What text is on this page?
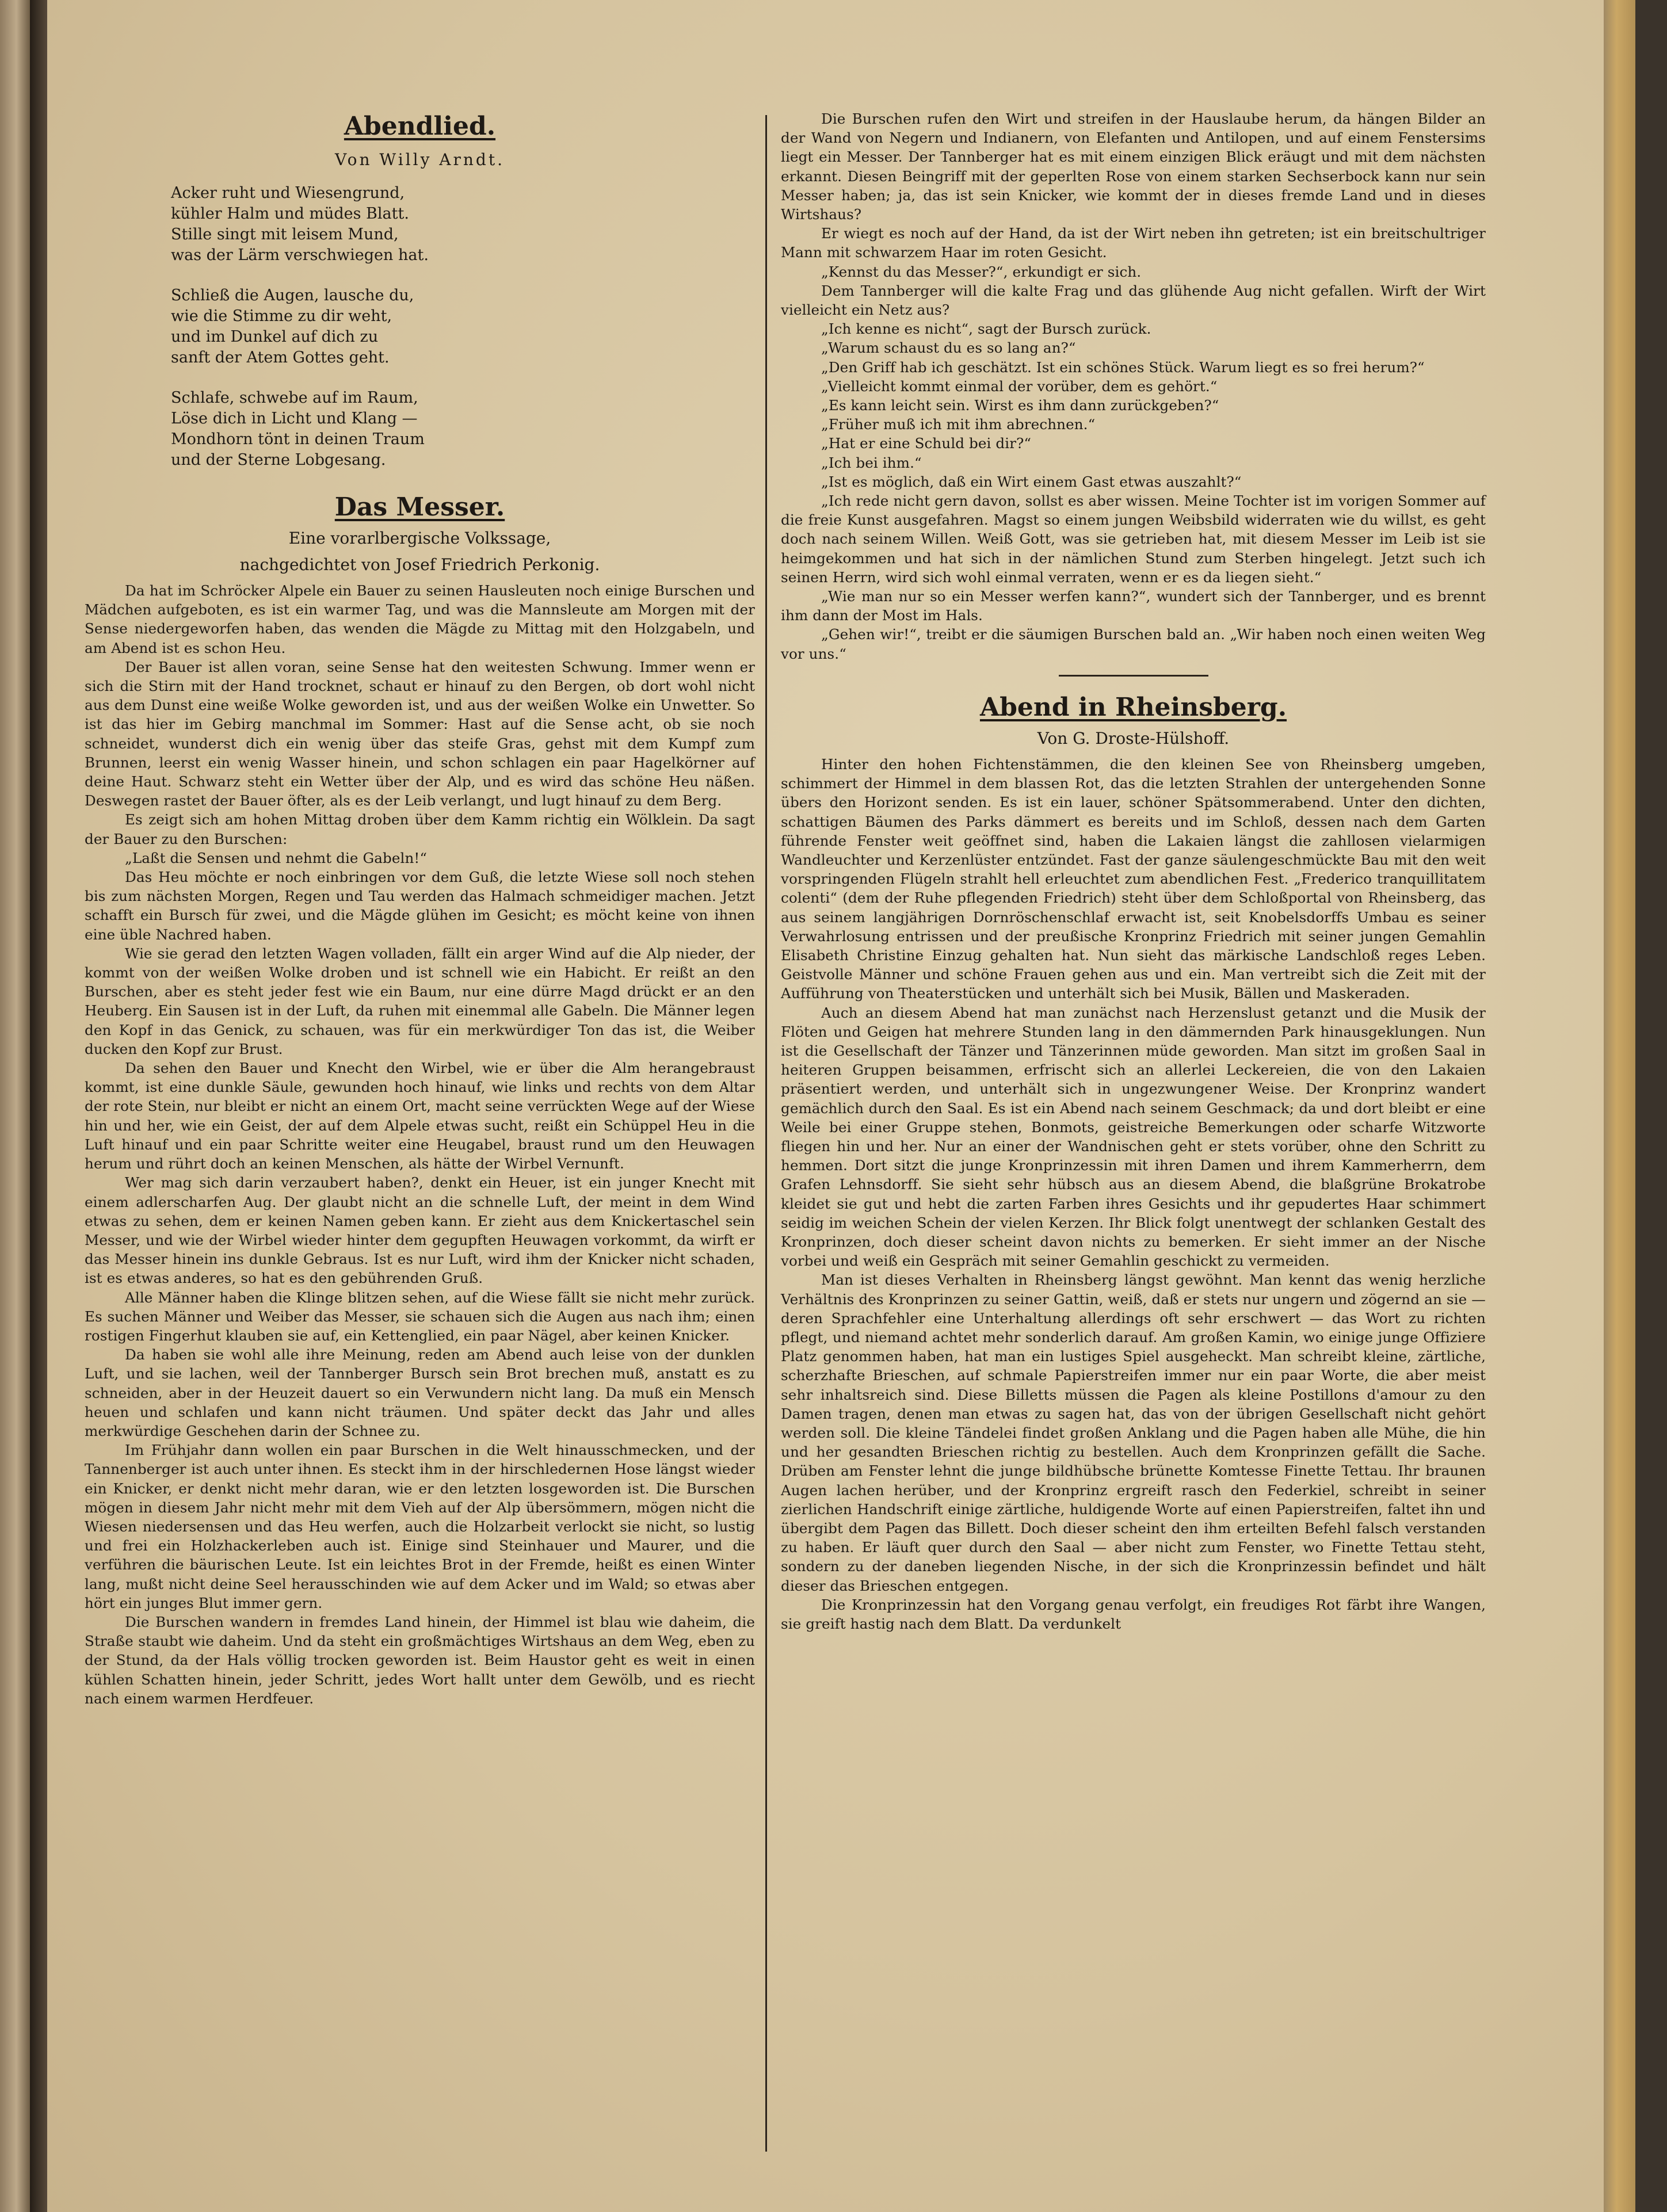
Abendlied.
Von Willy Arndt.
Acker ruht und Wiesengrund,
kühler Halm und müdes Blatt.
Stille singt mit leisem Mund,
was der Lärm verschwiegen hat.
Schließ die Augen, lausche du,
wie die Stimme zu dir weht,
und im Dunkel auf dich zu
sanft der Atem Gottes geht.
Schlafe, schwebe auf im Raum,
Löse dich in Licht und Klang —
Mondhorn tönt in deinen Traum
und der Sterne Lobgesang.
Das Messer.
Eine vorarlbergische Volkssage,
nachgedichtet von Josef Friedrich Perkonig.

Da hat im Schröcker Alpele ein Bauer zu seinen Hausleuten noch einige Burschen und Mädchen aufgeboten, es ist ein warmer Tag, und was die Mannsleute am Morgen mit der Sense niedergeworfen haben, das wenden die Mägde zu Mittag mit den Holzgabeln, und am Abend ist es schon Heu.

Der Bauer ist allen voran, seine Sense hat den weitesten Schwung. Immer wenn er sich die Stirn mit der Hand trocknet, schaut er hinauf zu den Bergen, ob dort wohl nicht aus dem Dunst eine weiße Wolke geworden ist, und aus der weißen Wolke ein Unwetter. So ist das hier im Gebirg manchmal im Sommer: Hast auf die Sense acht, ob sie noch schneidet, wunderst dich ein wenig über das steife Gras, gehst mit dem Kumpf zum Brunnen, leerst ein wenig Wasser hinein, und schon schlagen ein paar Hagelkörner auf deine Haut. Schwarz steht ein Wetter über der Alp, und es wird das schöne Heu näßen. Deswegen rastet der Bauer öfter, als es der Leib verlangt, und lugt hinauf zu dem Berg.

Es zeigt sich am hohen Mittag droben über dem Kamm richtig ein Wölklein. Da sagt der Bauer zu den Burschen:

„Laßt die Sensen und nehmt die Gabeln!“

Das Heu möchte er noch einbringen vor dem Guß, die letzte Wiese soll noch stehen bis zum nächsten Morgen, Regen und Tau werden das Halmach schmeidiger machen. Jetzt schafft ein Bursch für zwei, und die Mägde glühen im Gesicht; es möcht keine von ihnen eine üble Nachred haben.

Wie sie gerad den letzten Wagen volladen, fällt ein arger Wind auf die Alp nieder, der kommt von der weißen Wolke droben und ist schnell wie ein Habicht. Er reißt an den Burschen, aber es steht jeder fest wie ein Baum, nur eine dürre Magd drückt er an den Heuberg. Ein Sausen ist in der Luft, da ruhen mit einemmal alle Gabeln. Die Männer legen den Kopf in das Genick, zu schauen, was für ein merkwürdiger Ton das ist, die Weiber ducken den Kopf zur Brust.

Da sehen den Bauer und Knecht den Wirbel, wie er über die Alm herangebraust kommt, ist eine dunkle Säule, gewunden hoch hinauf, wie links und rechts von dem Altar der rote Stein, nur bleibt er nicht an einem Ort, macht seine verrückten Wege auf der Wiese hin und her, wie ein Geist, der auf dem Alpele etwas sucht, reißt ein Schüppel Heu in die Luft hinauf und ein paar Schritte weiter eine Heugabel, braust rund um den Heuwagen herum und rührt doch an keinen Menschen, als hätte der Wirbel Vernunft.

Wer mag sich darin verzaubert haben?, denkt ein Heuer, ist ein junger Knecht mit einem adlerscharfen Aug. Der glaubt nicht an die schnelle Luft, der meint in dem Wind etwas zu sehen, dem er keinen Namen geben kann. Er zieht aus dem Knickertaschel sein Messer, und wie der Wirbel wieder hinter dem gegupften Heuwagen vorkommt, da wirft er das Messer hinein ins dunkle Gebraus. Ist es nur Luft, wird ihm der Knicker nicht schaden, ist es etwas anderes, so hat es den gebührenden Gruß.

Alle Männer haben die Klinge blitzen sehen, auf die Wiese fällt sie nicht mehr zurück. Es suchen Männer und Weiber das Messer, sie schauen sich die Augen aus nach ihm; einen rostigen Fingerhut klauben sie auf, ein Kettenglied, ein paar Nägel, aber keinen Knicker.

Da haben sie wohl alle ihre Meinung, reden am Abend auch leise von der dunklen Luft, und sie lachen, weil der Tannberger Bursch sein Brot brechen muß, anstatt es zu schneiden, aber in der Heuzeit dauert so ein Verwundern nicht lang. Da muß ein Mensch heuen und schlafen und kann nicht träumen. Und später deckt das Jahr und alles merkwürdige Geschehen darin der Schnee zu.

Im Frühjahr dann wollen ein paar Burschen in die Welt hinausschmecken, und der Tannenberger ist auch unter ihnen. Es steckt ihm in der hirschledernen Hose längst wieder ein Knicker, er denkt nicht mehr daran, wie er den letzten losgeworden ist. Die Burschen mögen in diesem Jahr nicht mehr mit dem Vieh auf der Alp übersömmern, mögen nicht die Wiesen niedersensen und das Heu werfen, auch die Holzarbeit verlockt sie nicht, so lustig und frei ein Holzhackerleben auch ist. Einige sind Steinhauer und Maurer, und die verführen die bäurischen Leute. Ist ein leichtes Brot in der Fremde, heißt es einen Winter lang, mußt nicht deine Seel herausschinden wie auf dem Acker und im Wald; so etwas aber hört ein junges Blut immer gern.

Die Burschen wandern in fremdes Land hinein, der Himmel ist blau wie daheim, die Straße staubt wie daheim. Und da steht ein großmächtiges Wirtshaus an dem Weg, eben zu der Stund, da der Hals völlig trocken geworden ist. Beim Haustor geht es weit in einen kühlen Schatten hinein, jeder Schritt, jedes Wort hallt unter dem Gewölb, und es riecht nach einem warmen Herdfeuer.

Die Burschen rufen den Wirt und streifen in der Hauslaube herum, da hängen Bilder an der Wand von Negern und Indianern, von Elefanten und Antilopen, und auf einem Fenstersims liegt ein Messer. Der Tannberger hat es mit einem einzigen Blick eräugt und mit dem nächsten erkannt. Diesen Beingriff mit der geperlten Rose von einem starken Sechserbock kann nur sein Messer haben; ja, das ist sein Knicker, wie kommt der in dieses fremde Land und in dieses Wirtshaus?

Er wiegt es noch auf der Hand, da ist der Wirt neben ihn getreten; ist ein breitschultriger Mann mit schwarzem Haar im roten Gesicht.

„Kennst du das Messer?“, erkundigt er sich.

Dem Tannberger will die kalte Frag und das glühende Aug nicht gefallen. Wirft der Wirt vielleicht ein Netz aus?

„Ich kenne es nicht“, sagt der Bursch zurück.

„Warum schaust du es so lang an?“

„Den Griff hab ich geschätzt. Ist ein schönes Stück. Warum liegt es so frei herum?“

„Vielleicht kommt einmal der vorüber, dem es gehört.“

„Es kann leicht sein. Wirst es ihm dann zurückgeben?“

„Früher muß ich mit ihm abrechnen.“

„Hat er eine Schuld bei dir?“

„Ich bei ihm.“

„Ist es möglich, daß ein Wirt einem Gast etwas auszahlt?“

„Ich rede nicht gern davon, sollst es aber wissen. Meine Tochter ist im vorigen Sommer auf die freie Kunst ausgefahren. Magst so einem jungen Weibsbild widerraten wie du willst, es geht doch nach seinem Willen. Weiß Gott, was sie getrieben hat, mit diesem Messer im Leib ist sie heimgekommen und hat sich in der nämlichen Stund zum Sterben hingelegt. Jetzt such ich seinen Herrn, wird sich wohl einmal verraten, wenn er es da liegen sieht.“

„Wie man nur so ein Messer werfen kann?“, wundert sich der Tannberger, und es brennt ihm dann der Most im Hals.

„Gehen wir!“, treibt er die säumigen Burschen bald an. „Wir haben noch einen weiten Weg vor uns.“

Abend in Rheinsberg.
Von G. Droste-Hülshoff.

Hinter den hohen Fichtenstämmen, die den kleinen See von Rheinsberg umgeben, schimmert der Himmel in dem blassen Rot, das die letzten Strahlen der untergehenden Sonne übers den Horizont senden. Es ist ein lauer, schöner Spätsommerabend. Unter den dichten, schattigen Bäumen des Parks dämmert es bereits und im Schloß, dessen nach dem Garten führende Fenster weit geöffnet sind, haben die Lakaien längst die zahllosen vielarmigen Wandleuchter und Kerzenlüster entzündet. Fast der ganze säulengeschmückte Bau mit den weit vorspringenden Flügeln strahlt hell erleuchtet zum abendlichen Fest. „Frederico tranquillitatem colenti“ (dem der Ruhe pflegenden Friedrich) steht über dem Schloßportal von Rheinsberg, das aus seinem langjährigen Dornröschenschlaf erwacht ist, seit Knobelsdorffs Umbau es seiner Verwahrlosung entrissen und der preußische Kronprinz Friedrich mit seiner jungen Gemahlin Elisabeth Christine Einzug gehalten hat. Nun sieht das märkische Landschloß reges Leben. Geistvolle Männer und schöne Frauen gehen aus und ein. Man vertreibt sich die Zeit mit der Aufführung von Theaterstücken und unterhält sich bei Musik, Bällen und Maskeraden.

Auch an diesem Abend hat man zunächst nach Herzenslust getanzt und die Musik der Flöten und Geigen hat mehrere Stunden lang in den dämmernden Park hinausgeklungen. Nun ist die Gesellschaft der Tänzer und Tänzerinnen müde geworden. Man sitzt im großen Saal in heiteren Gruppen beisammen, erfrischt sich an allerlei Leckereien, die von den Lakaien präsentiert werden, und unterhält sich in ungezwungener Weise. Der Kronprinz wandert gemächlich durch den Saal. Es ist ein Abend nach seinem Geschmack; da und dort bleibt er eine Weile bei einer Gruppe stehen, Bonmots, geistreiche Bemerkungen oder scharfe Witzworte fliegen hin und her. Nur an einer der Wandnischen geht er stets vorüber, ohne den Schritt zu hemmen. Dort sitzt die junge Kronprinzessin mit ihren Damen und ihrem Kammerherrn, dem Grafen Lehnsdorff. Sie sieht sehr hübsch aus an diesem Abend, die blaßgrüne Brokatrobe kleidet sie gut und hebt die zarten Farben ihres Gesichts und ihr gepudertes Haar schimmert seidig im weichen Schein der vielen Kerzen. Ihr Blick folgt unentwegt der schlanken Gestalt des Kronprinzen, doch dieser scheint davon nichts zu bemerken. Er sieht immer an der Nische vorbei und weiß ein Gespräch mit seiner Gemahlin geschickt zu vermeiden.

Man ist dieses Verhalten in Rheinsberg längst gewöhnt. Man kennt das wenig herzliche Verhältnis des Kronprinzen zu seiner Gattin, weiß, daß er stets nur ungern und zögernd an sie — deren Sprachfehler eine Unterhaltung allerdings oft sehr erschwert — das Wort zu richten pflegt, und niemand achtet mehr sonderlich darauf. Am großen Kamin, wo einige junge Offiziere Platz genommen haben, hat man ein lustiges Spiel ausgeheckt. Man schreibt kleine, zärtliche, scherzhafte Brieschen, auf schmale Papierstreifen immer nur ein paar Worte, die aber meist sehr inhaltsreich sind. Diese Billetts müssen die Pagen als kleine Postillons d'amour zu den Damen tragen, denen man etwas zu sagen hat, das von der übrigen Gesellschaft nicht gehört werden soll. Die kleine Tändelei findet großen Anklang und die Pagen haben alle Mühe, die hin und her gesandten Brieschen richtig zu bestellen. Auch dem Kronprinzen gefällt die Sache. Drüben am Fenster lehnt die junge bildhübsche brünette Komtesse Finette Tettau. Ihr braunen Augen lachen herüber, und der Kronprinz ergreift rasch den Federkiel, schreibt in seiner zierlichen Handschrift einige zärtliche, huldigende Worte auf einen Papierstreifen, faltet ihn und übergibt dem Pagen das Billett. Doch dieser scheint den ihm erteilten Befehl falsch verstanden zu haben. Er läuft quer durch den Saal — aber nicht zum Fenster, wo Finette Tettau steht, sondern zu der daneben liegenden Nische, in der sich die Kronprinzessin befindet und hält dieser das Brieschen entgegen.

Die Kronprinzessin hat den Vorgang genau verfolgt, ein freudiges Rot färbt ihre Wangen, sie greift hastig nach dem Blatt. Da verdunkelt
